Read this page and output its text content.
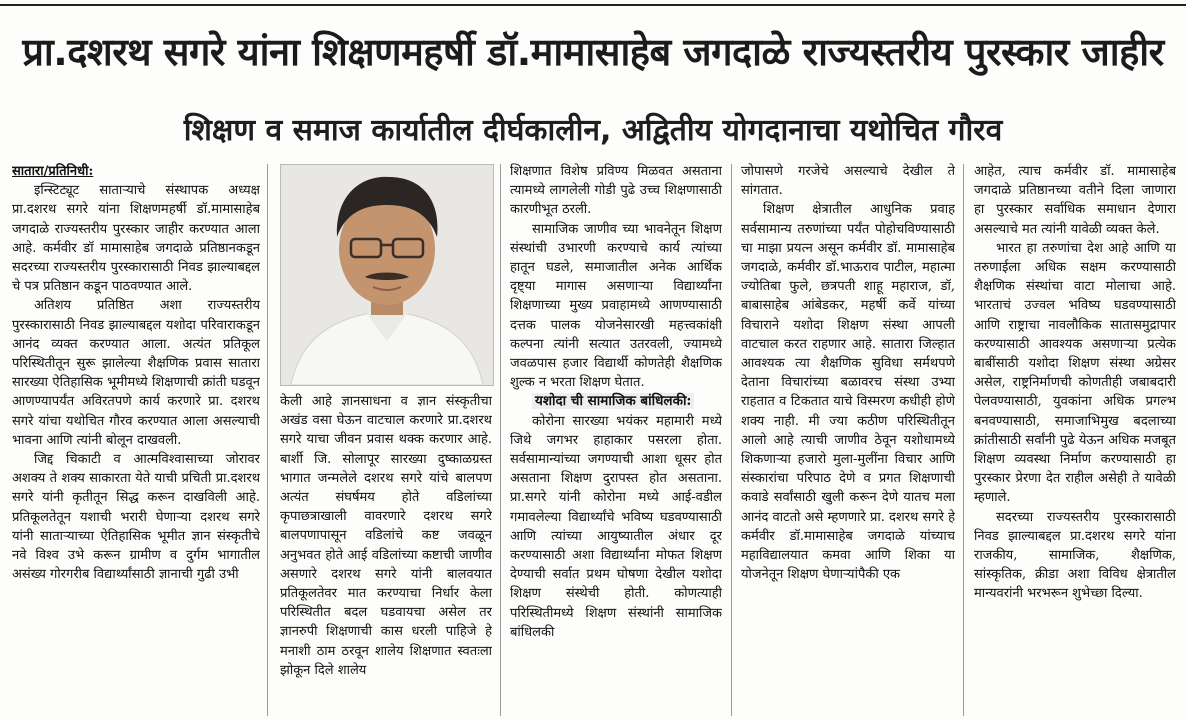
प्रा.दशरथ सगरे यांना शिक्षणमहर्षी डॉ.मामासाहेब जगदाळे राज्यस्तरीय पुरस्कार जाहीर
शिक्षण व समाज कार्यातील दीर्घकालीन, अद्वितीय योगदानाचा यथोचित गौरव

सातारा/प्रतिनिधी:

इन्स्टिट्यूट साताऱ्याचे संस्थापक अध्यक्ष प्रा.दशरथ सगरे यांना शिक्षणमहर्षी डॉ.मामासाहेब जगदाळे राज्यस्तरीय पुरस्कार जाहीर करण्यात आला आहे. कर्मवीर डॉ मामासाहेब जगदाळे प्रतिष्ठानकडून सदरच्या राज्यस्तरीय पुरस्कारासाठी निवड झाल्याबद्दल चे पत्र प्रतिष्ठान कडून पाठवण्यात आले.

अतिशय प्रतिष्ठित अशा राज्यस्तरीय पुरस्कारासाठी निवड झाल्याबद्दल यशोदा परिवाराकडून आनंद व्यक्त करण्यात आला. अत्यंत प्रतिकूल परिस्थितीतून सुरू झालेल्या शैक्षणिक प्रवास सातारा सारख्या ऐतिहासिक भूमीमध्ये शिक्षणाची क्रांती घडवून आणण्यापर्यंत अविरतपणे कार्य करणारे प्रा. दशरथ सगरे यांचा यथोचित गौरव करण्यात आला असल्याची भावना आणि त्यांनी बोलून दाखवली.

जिद्द चिकाटी व आत्मविश्वासाच्या जोरावर अशक्य ते शक्य साकारता येते याची प्रचिती प्रा.दशरथ सगरे यांनी कृतीतून सिद्ध करून दाखविली आहे. प्रतिकूलतेतून यशाची भरारी घेणाऱ्या दशरथ सगरे यांनी साताऱ्याच्या ऐतिहासिक भूमीत ज्ञान संस्कृतीचे नवे विश्व उभे करून ग्रामीण व दुर्गम भागातील असंख्य गोरगरीब विद्यार्थ्यांसाठी ज्ञानाची गुढी उभी

केली आहे ज्ञानसाधना व ज्ञान संस्कृतीचा अखंड वसा घेऊन वाटचाल करणारे प्रा.दशरथ सगरे याचा जीवन प्रवास थक्क करणार आहे. बार्शी जि. सोलापूर सारख्या दुष्काळग्रस्त भागात जन्मलेले दशरथ सगरे यांचे बालपण अत्यंत संघर्षमय होते वडिलांच्या कृपाछत्राखाली वावरणारे दशरथ सगरे बालपणापासून वडिलांचे कष्ट जवळून अनुभवत होते आई वडिलांच्या कष्टाची जाणीव असणारे दशरथ सगरे यांनी बालवयात प्रतिकूलतेवर मात करण्याचा निर्धार केला परिस्थितीत बदल घडवायचा असेल तर ज्ञानरुपी शिक्षणाची कास धरली पाहिजे हे मनाशी ठाम ठरवून शालेय शिक्षणात स्वतःला झोकून दिले शालेय

शिक्षणात विशेष प्रविण्य मिळवत असताना त्यामध्ये लागलेली गोडी पुढे उच्च शिक्षणासाठी कारणीभूत ठरली.

सामाजिक जाणीव च्या भावनेतून शिक्षण संस्थांची उभारणी करण्याचे कार्य त्यांच्या हातून घडले, समाजातील अनेक आर्थिक दृष्ट्या मागास असणाऱ्या विद्यार्थ्यांना शिक्षणाच्या मुख्य प्रवाहामध्ये आणण्यासाठी दत्तक पालक योजनेसारखी महत्त्वकांक्षी कल्पना त्यांनी सत्यात उतरवली, ज्यामध्ये जवळपास हजार विद्यार्थी कोणतेही शैक्षणिक शुल्क न भरता शिक्षण घेतात.

यशोदा ची सामाजिक बांधिलकी:

कोरोना सारख्या भयंकर महामारी मध्ये जिथे जगभर हाहाकार पसरला होता. सर्वसामान्यांच्या जगण्याची आशा धूसर होत असताना शिक्षण दुरापस्त होत असताना. प्रा.सगरे यांनी कोरोना मध्ये आई-वडील गमावलेल्या विद्यार्थ्यांचे भविष्य घडवण्यासाठी आणि त्यांच्या आयुष्यातील अंधार दूर करण्यासाठी अशा विद्यार्थ्यांना मोफत शिक्षण देण्याची सर्वात प्रथम घोषणा देखील यशोदा शिक्षण संस्थेची होती. कोणत्याही परिस्थितीमध्ये शिक्षण संस्थांनी सामाजिक बांधिलकी

जोपासणे गरजेचे असल्याचे देखील ते सांगतात.

शिक्षण क्षेत्रातील आधुनिक प्रवाह सर्वसामान्य तरुणांच्या पर्यंत पोहोचविण्यासाठी चा माझा प्रयत्न असून कर्मवीर डॉ. मामासाहेब जगदाळे, कर्मवीर डॉ.भाऊराव पाटील, महात्मा ज्योतिबा फुले, छत्रपती शाहू महाराज, डॉ, बाबासाहेब आंबेडकर, महर्षी कर्वे यांच्या विचाराने यशोदा शिक्षण संस्था आपली वाटचाल करत राहणार आहे. सातारा जिल्हात आवश्यक त्या शैक्षणिक सुविधा सर्मथपणे देताना विचारांच्या बळावरच संस्था उभ्या राहतात व टिकतात याचे विस्मरण कधीही होणे शक्य नाही. मी ज्या कठीण परिस्थितीतून आलो आहे त्याची जाणीव ठेवून यशोधामध्ये शिकणाऱ्या हजारो मुला-मुलींना विचार आणि संस्कारांचा परिपाठ देणे व प्रगत शिक्षणाची कवाडे सर्वांसाठी खुली करून देणे यातच मला आनंद वाटतो असे म्हणणारे प्रा. दशरथ सगरे हे कर्मवीर डॉ.मामासाहेब जगदाळे यांच्याच महाविद्यालयात कमवा आणि शिका या योजनेतून शिक्षण घेणाऱ्यांपैकी एक

आहेत, त्याच कर्मवीर डॉ. मामासाहेब जगदाळे प्रतिष्ठानच्या वतीने दिला जाणारा हा पुरस्कार सर्वाधिक समाधान देणारा असल्याचे मत त्यांनी यावेळी व्यक्त केले.

भारत हा तरुणांचा देश आहे आणि या तरुणाईला अधिक सक्षम करण्यासाठी शैक्षणिक संस्थांचा वाटा मोलाचा आहे. भारताचं उज्वल भविष्य घडवण्यासाठी आणि राष्ट्राचा नावलौकिक सातासमुद्रापार करण्यासाठी आवश्यक असणाऱ्या प्रत्येक बाबींसाठी यशोदा शिक्षण संस्था अग्रेसर असेल, राष्ट्रनिर्माणची कोणतीही जबाबदारी पेलवण्यासाठी, युवकांना अधिक प्रगल्भ बनवण्यासाठी, समाजाभिमुख बदलाच्या क्रांतीसाठी सर्वांनी पुढे येऊन अधिक मजबूत शिक्षण व्यवस्था निर्माण करण्यासाठी हा पुरस्कार प्रेरणा देत राहील असेही ते यावेळी म्हणाले.

सदरच्या राज्यस्तरीय पुरस्कारासाठी निवड झाल्याबद्दल प्रा.दशरथ सगरे यांना राजकीय, सामाजिक, शैक्षणिक, सांस्कृतिक, क्रीडा अशा विविध क्षेत्रातील मान्यवरांनी भरभरून शुभेच्छा दिल्या.
